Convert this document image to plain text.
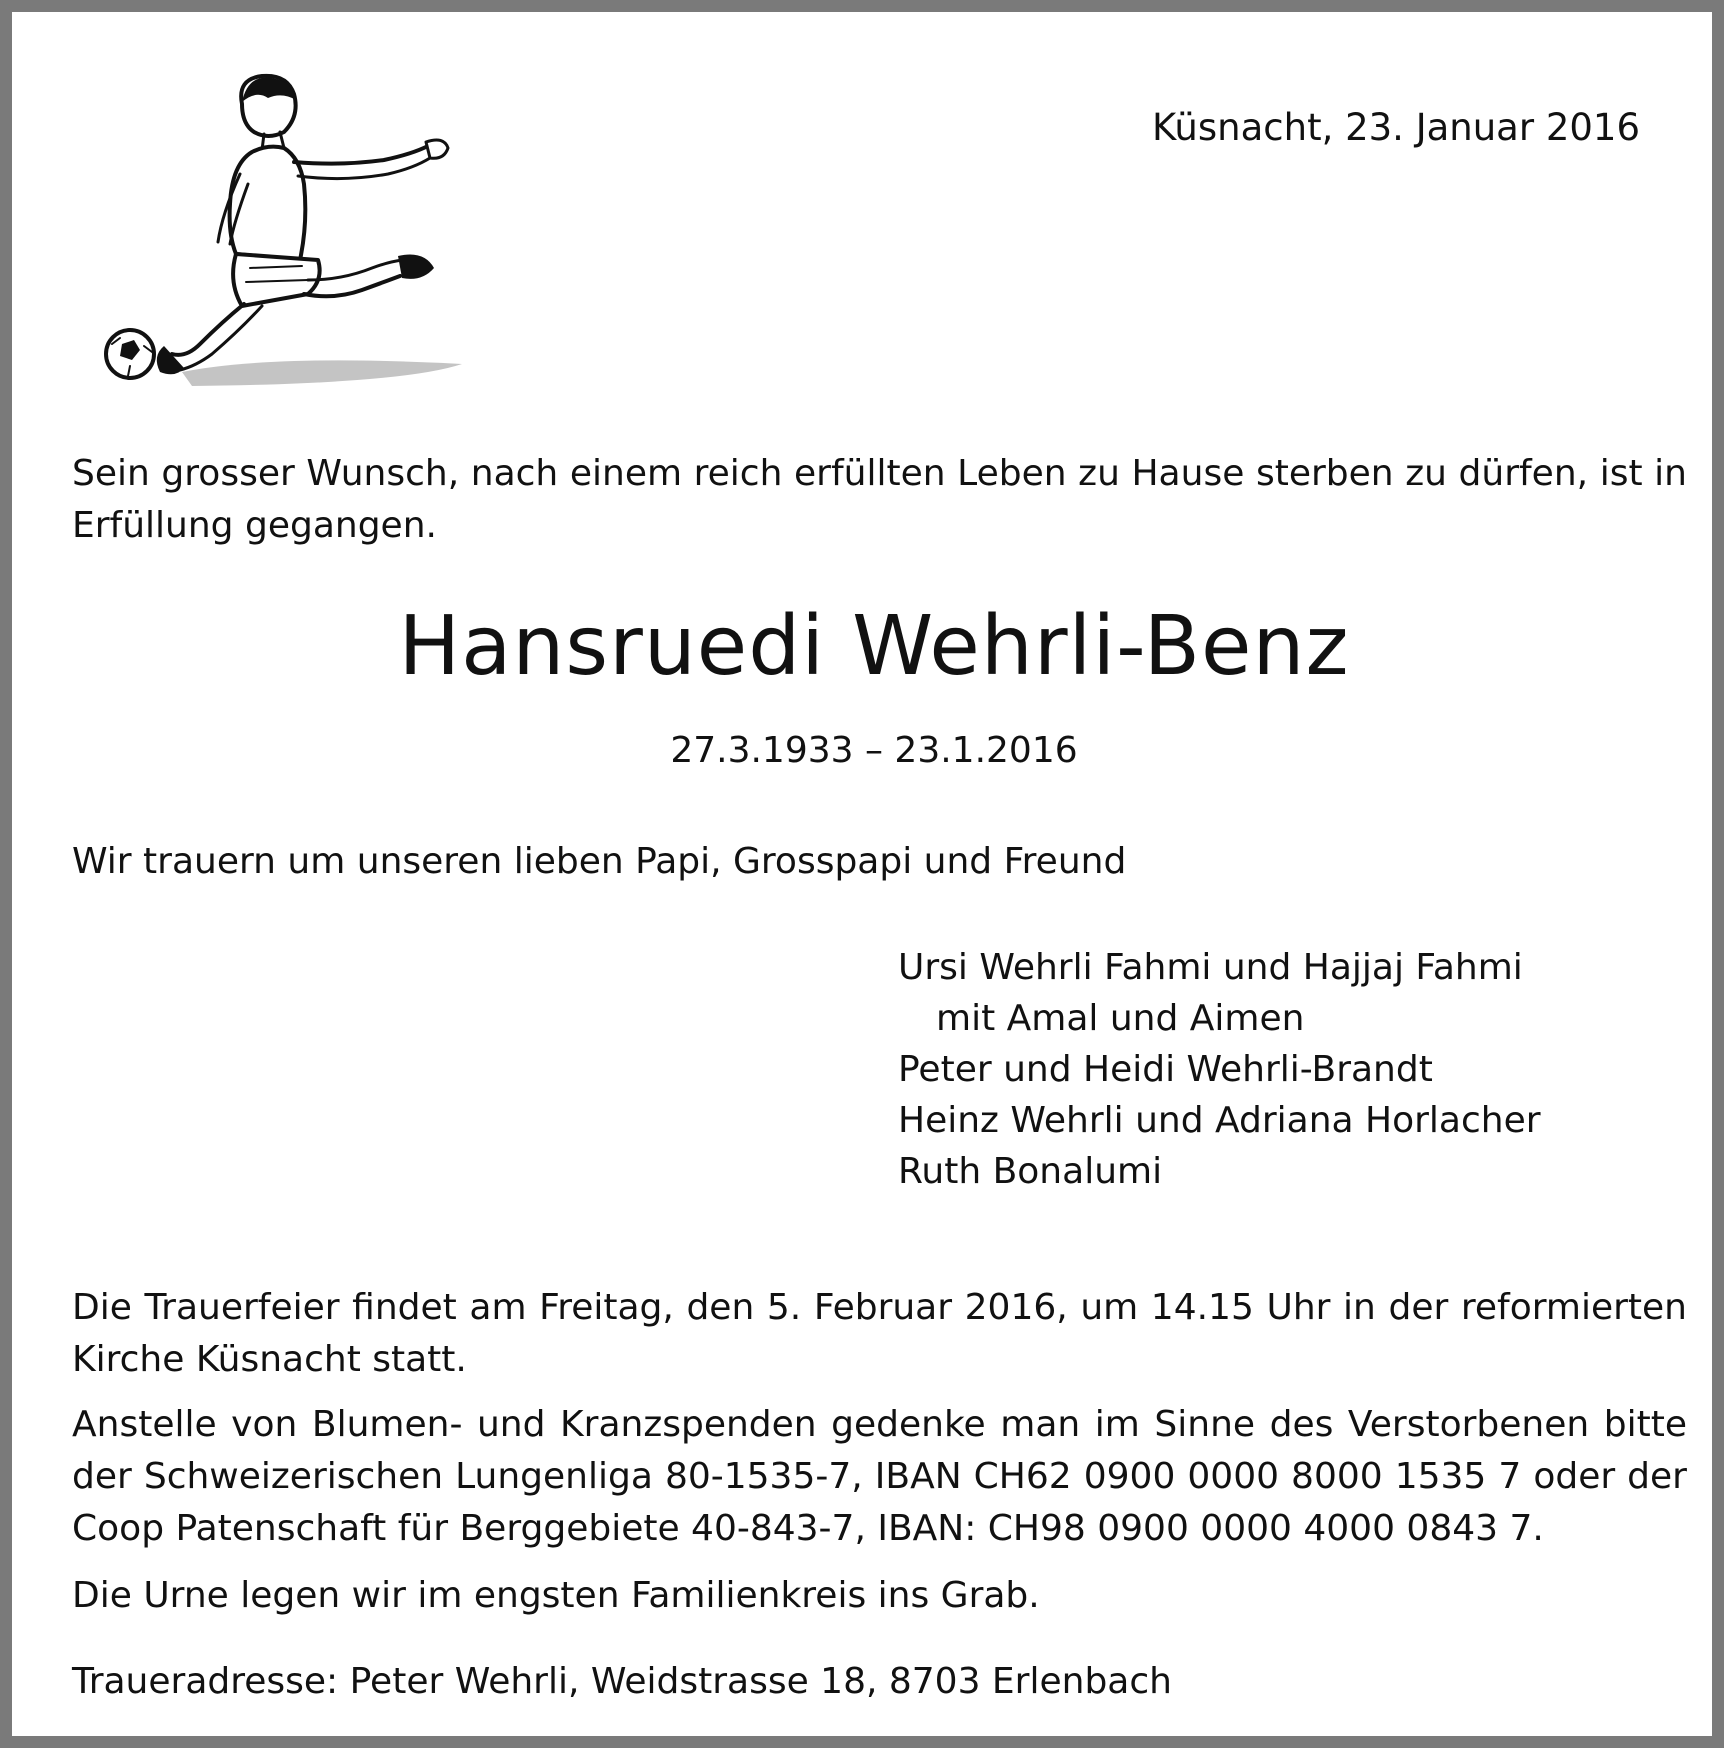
Küsnacht, 23. Januar 2016
Sein grosser Wunsch, nach einem reich erfüllten Leben zu Hause sterben zu dürfen, ist in Erfüllung gegangen.
Hansruedi Wehrli-Benz
27.3.1933 – 23.1.2016
Wir trauern um unseren lieben Papi, Grosspapi und Freund
Ursi Wehrli Fahmi und Hajjaj Fahmi
mit Amal und Aimen
Peter und Heidi Wehrli-Brandt
Heinz Wehrli und Adriana Horlacher
Ruth Bonalumi
Die Trauerfeier findet am Freitag, den 5. Februar 2016, um 14.15 Uhr in der reformierten Kirche Küsnacht statt.
Anstelle von Blumen- und Kranzspenden gedenke man im Sinne des Verstorbenen bitte der Schweizerischen Lungenliga 80-1535-7, IBAN CH62 0900 0000 8000 1535 7 oder der Coop Patenschaft für Berggebiete 40-843-7, IBAN: CH98 0900 0000 4000 0843 7.
Die Urne legen wir im engsten Familienkreis ins Grab.
Traueradresse: Peter Wehrli, Weidstrasse 18, 8703 Erlenbach
